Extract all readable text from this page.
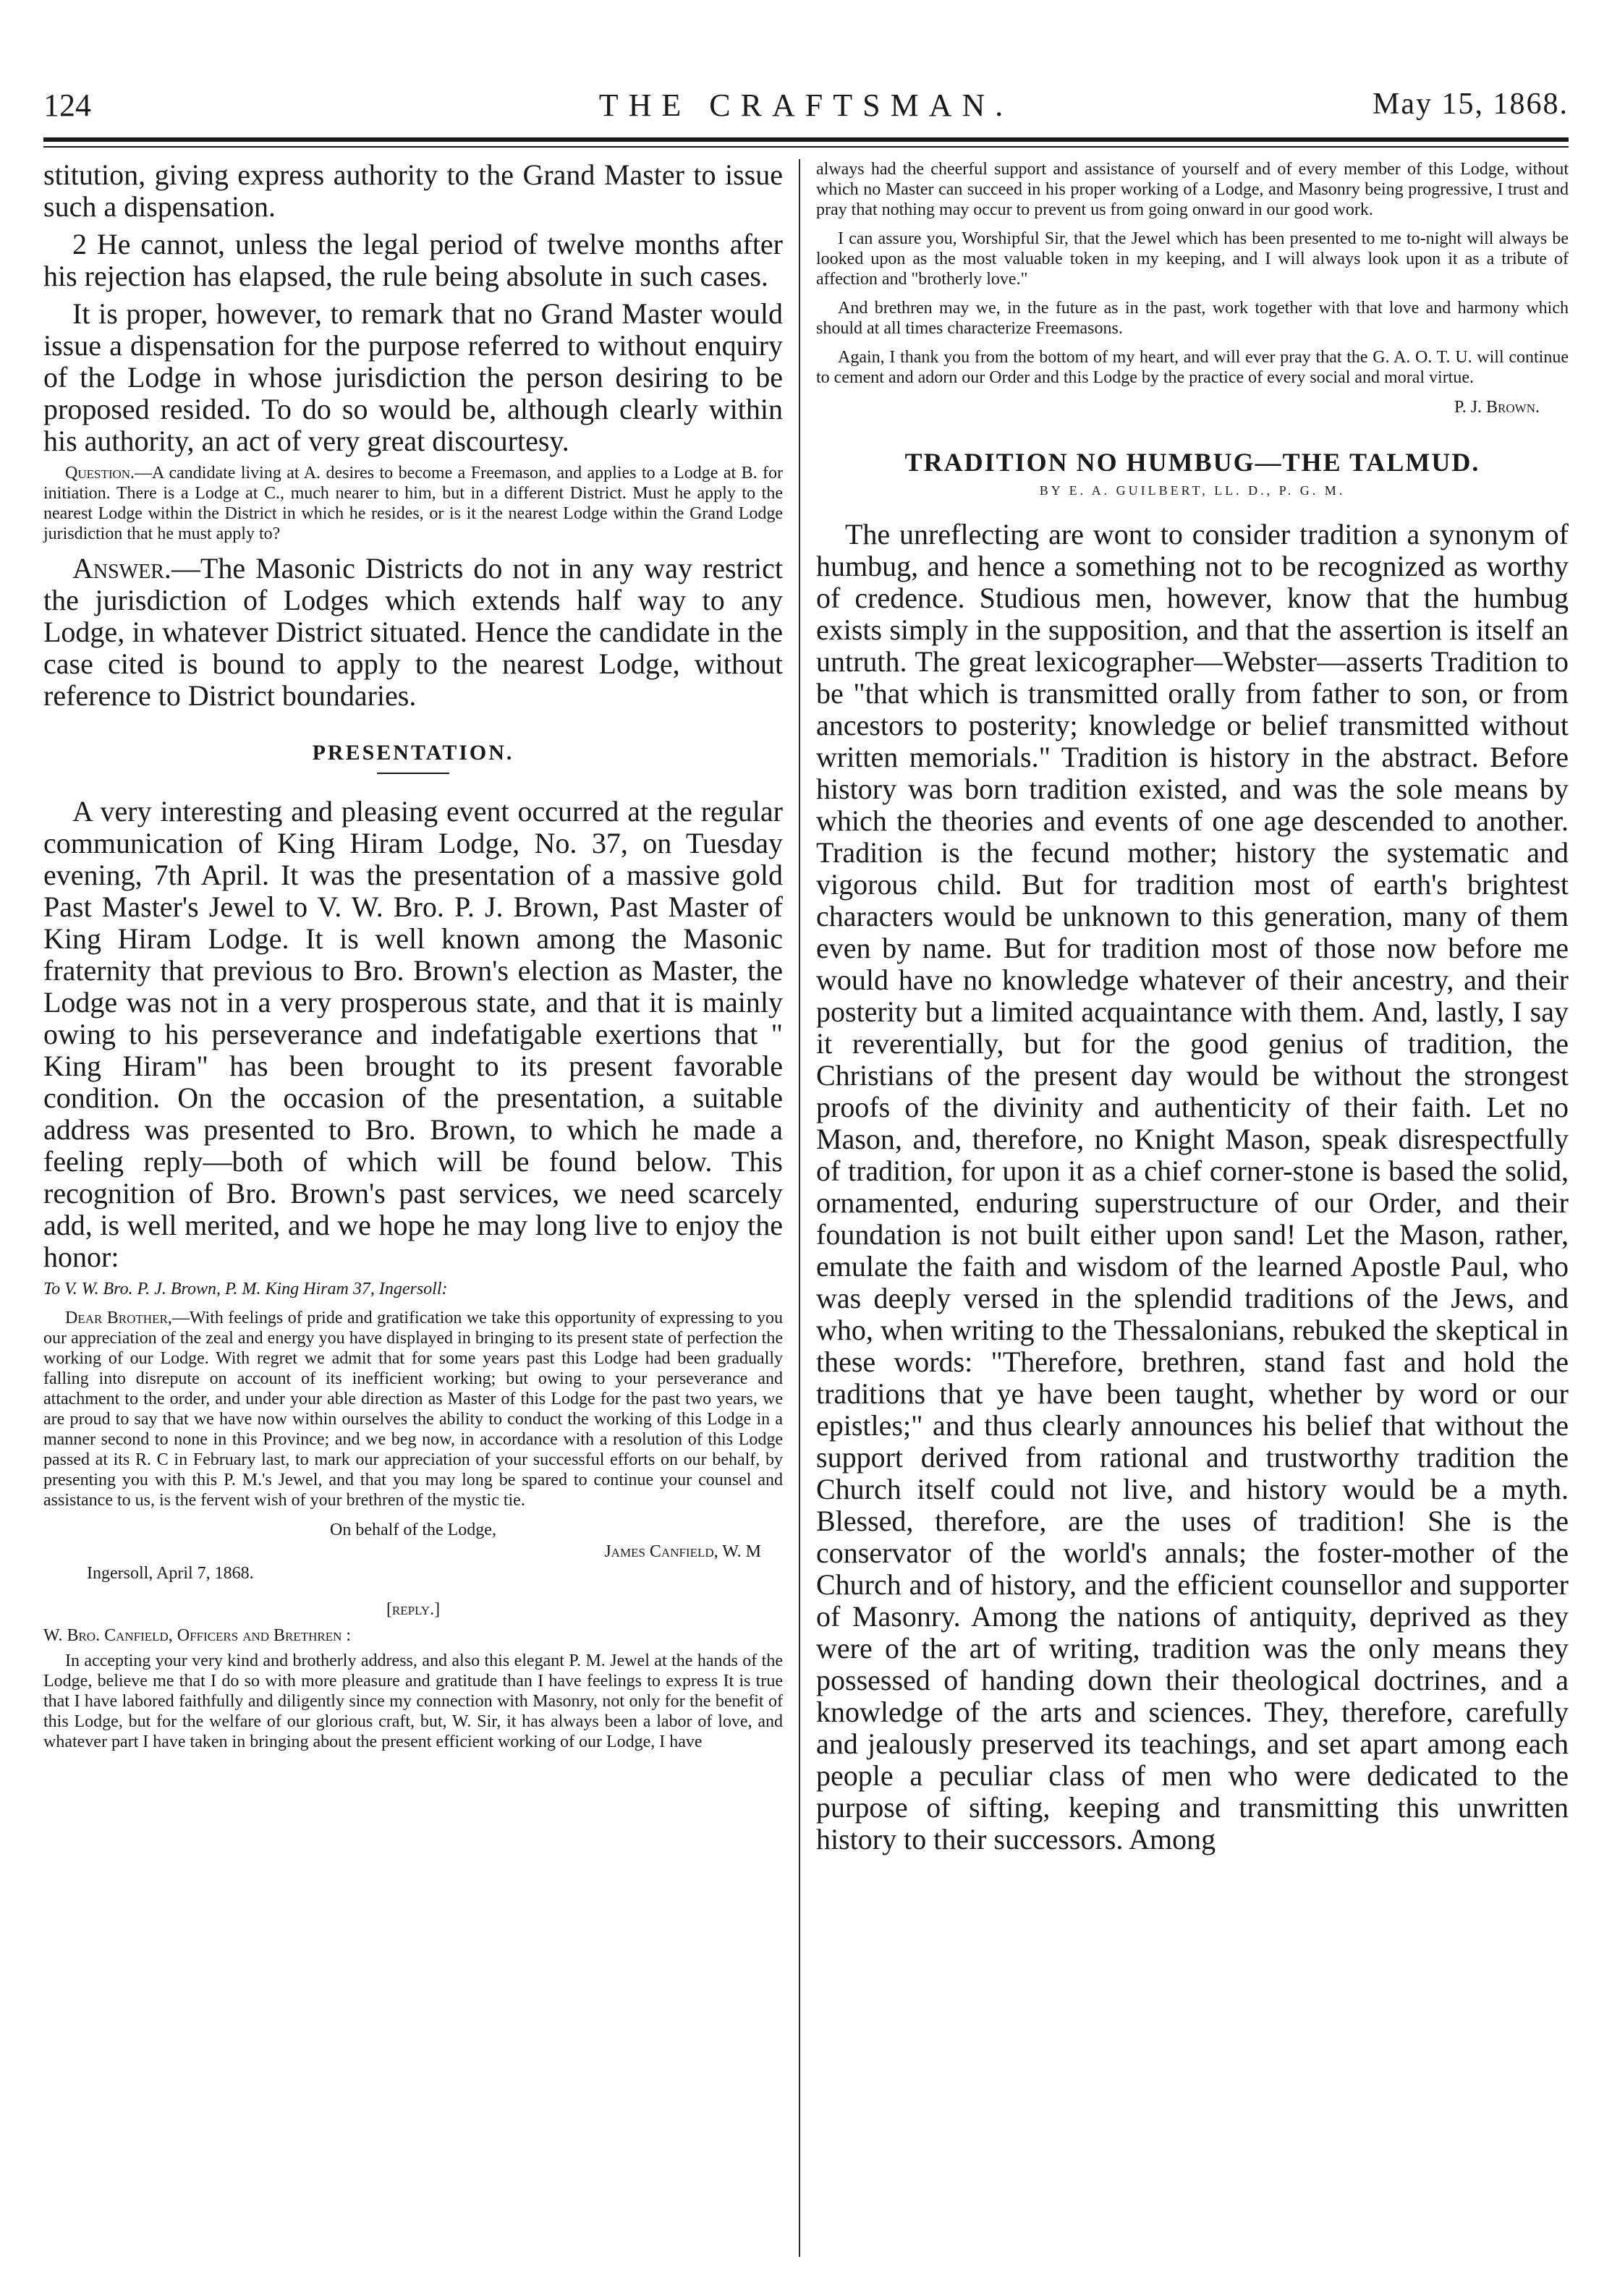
124	THE CRAFTSMAN.	May 15, 1868.

stitution, giving express authority to the Grand Master to issue such a dispensation.

2 He cannot, unless the legal period of twelve months after his rejection has elapsed, the rule being absolute in such cases.

It is proper, however, to remark that no Grand Master would issue a dispensation for the purpose referred to without enquiry of the Lodge in whose jurisdiction the person desiring to be proposed resided. To do so would be, although clearly within his authority, an act of very great discourtesy.

Question.—A candidate living at A. desires to become a Freemason, and applies to a Lodge at B. for initiation. There is a Lodge at C., much nearer to him, but in a different District. Must he apply to the nearest Lodge within the District in which he resides, or is it the nearest Lodge within the Grand Lodge jurisdiction that he must apply to?

Answer.—The Masonic Districts do not in any way restrict the jurisdiction of Lodges which extends half way to any Lodge, in whatever District situated. Hence the candidate in the case cited is bound to apply to the nearest Lodge, without reference to District boundaries.

PRESENTATION.

A very interesting and pleasing event occurred at the regular communication of King Hiram Lodge, No. 37, on Tuesday evening, 7th April. It was the presentation of a massive gold Past Master's Jewel to V. W. Bro. P. J. Brown, Past Master of King Hiram Lodge. It is well known among the Masonic fraternity that previous to Bro. Brown's election as Master, the Lodge was not in a very prosperous state, and that it is mainly owing to his perseverance and indefatigable exertions that " King Hiram" has been brought to its present favorable condition. On the occasion of the presentation, a suitable address was presented to Bro. Brown, to which he made a feeling reply—both of which will be found below. This recognition of Bro. Brown's past services, we need scarcely add, is well merited, and we hope he may long live to enjoy the honor:

To V. W. Bro. P. J. Brown, P. M. King Hiram 37, Ingersoll:

Dear Brother,—With feelings of pride and gratification we take this opportunity of expressing to you our appreciation of the zeal and energy you have displayed in bringing to its present state of perfection the working of our Lodge. With regret we admit that for some years past this Lodge had been gradually falling into disrepute on account of its inefficient working; but owing to your perseverance and attachment to the order, and under your able direction as Master of this Lodge for the past two years, we are proud to say that we have now within ourselves the ability to conduct the working of this Lodge in a manner second to none in this Province; and we beg now, in accordance with a resolution of this Lodge passed at its R. C in February last, to mark our appreciation of your successful efforts on our behalf, by presenting you with this P. M.'s Jewel, and that you may long be spared to continue your counsel and assistance to us, is the fervent wish of your brethren of the mystic tie.

On behalf of the Lodge,
James Canfield, W. M
Ingersoll, April 7, 1868.
[reply.]
W. Bro. Canfield, Officers and Brethren :

In accepting your very kind and brotherly address, and also this elegant P. M. Jewel at the hands of the Lodge, believe me that I do so with more pleasure and gratitude than I have feelings to express It is true that I have labored faithfully and diligently since my connection with Masonry, not only for the benefit of this Lodge, but for the welfare of our glorious craft, but, W. Sir, it has always been a labor of love, and whatever part I have taken in bringing about the present efficient working of our Lodge, I have

always had the cheerful support and assistance of yourself and of every member of this Lodge, without which no Master can succeed in his proper working of a Lodge, and Masonry being progressive, I trust and pray that nothing may occur to prevent us from going onward in our good work.

I can assure you, Worshipful Sir, that the Jewel which has been presented to me to-night will always be looked upon as the most valuable token in my keeping, and I will always look upon it as a tribute of affection and "brotherly love."

And brethren may we, in the future as in the past, work together with that love and harmony which should at all times characterize Freemasons.

Again, I thank you from the bottom of my heart, and will ever pray that the G. A. O. T. U. will continue to cement and adorn our Order and this Lodge by the practice of every social and moral virtue.

P. J. Brown.
TRADITION NO HUMBUG—THE TALMUD.
BY E. A. GUILBERT, LL. D., P. G. M.

The unreflecting are wont to consider tradition a synonym of humbug, and hence a something not to be recognized as worthy of credence. Studious men, however, know that the humbug exists simply in the supposition, and that the assertion is itself an untruth. The great lexicographer—Webster—asserts Tradition to be "that which is transmitted orally from father to son, or from ancestors to posterity; knowledge or belief transmitted without written memorials." Tradition is history in the abstract. Before history was born tradition existed, and was the sole means by which the theories and events of one age descended to another. Tradition is the fecund mother; history the systematic and vigorous child. But for tradition most of earth's brightest characters would be unknown to this generation, many of them even by name. But for tradition most of those now before me would have no knowledge whatever of their ancestry, and their posterity but a limited acquaintance with them. And, lastly, I say it reverentially, but for the good genius of tradition, the Christians of the present day would be without the strongest proofs of the divinity and authenticity of their faith. Let no Mason, and, therefore, no Knight Mason, speak disrespectfully of tradition, for upon it as a chief corner-stone is based the solid, ornamented, enduring superstructure of our Order, and their foundation is not built either upon sand! Let the Mason, rather, emulate the faith and wisdom of the learned Apostle Paul, who was deeply versed in the splendid traditions of the Jews, and who, when writing to the Thessalonians, rebuked the skeptical in these words: "Therefore, brethren, stand fast and hold the traditions that ye have been taught, whether by word or our epistles;" and thus clearly announces his belief that without the support derived from rational and trustworthy tradition the Church itself could not live, and history would be a myth. Blessed, therefore, are the uses of tradition! She is the conservator of the world's annals; the foster-mother of the Church and of history, and the efficient counsellor and supporter of Masonry. Among the nations of antiquity, deprived as they were of the art of writing, tradition was the only means they possessed of handing down their theological doctrines, and a knowledge of the arts and sciences. They, therefore, carefully and jealously preserved its teachings, and set apart among each people a peculiar class of men who were dedicated to the purpose of sifting, keeping and transmitting this unwritten history to their successors. Among
